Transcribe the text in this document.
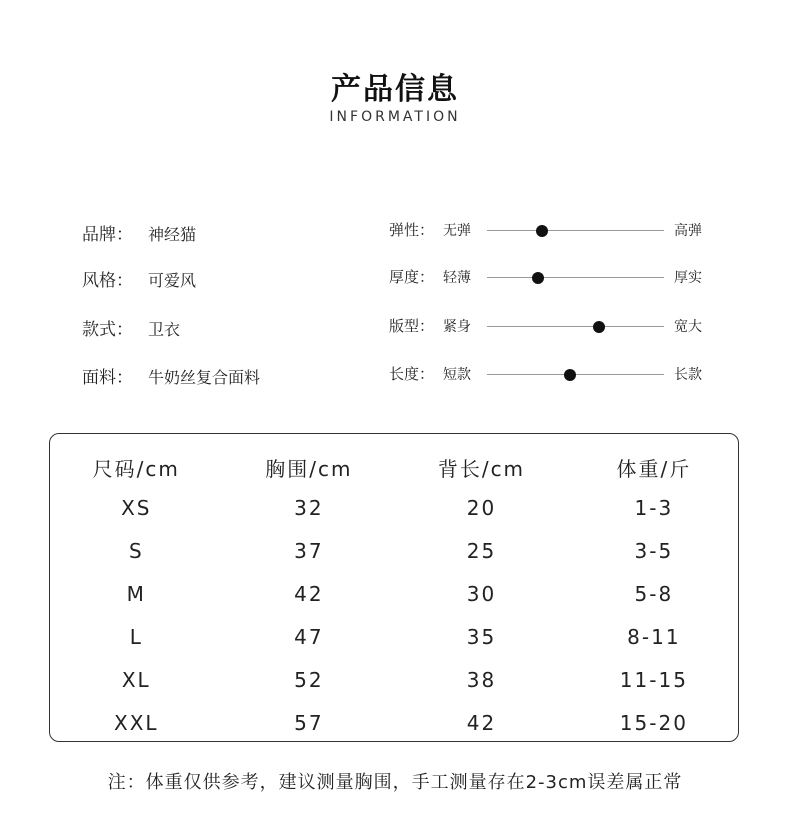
产品信息
INFORMATION
品牌： 神经猫
风格： 可爱风
款式： 卫衣
面料： 牛奶丝复合面料
弹性： 无弹	高弹
厚度： 轻薄	厚实
版型： 紧身	宽大
长度： 短款	长款
尺码/cm	胸围/cm	背长/cm	体重/斤
XS	32	20	1-3
S	37	25	3-5
M	42	30	5-8
L	47	35	8-11
XL	52	38	11-15
XXL	57	42	15-20
注：体重仅供参考，建议测量胸围，手工测量存在2-3cm误差属正常
